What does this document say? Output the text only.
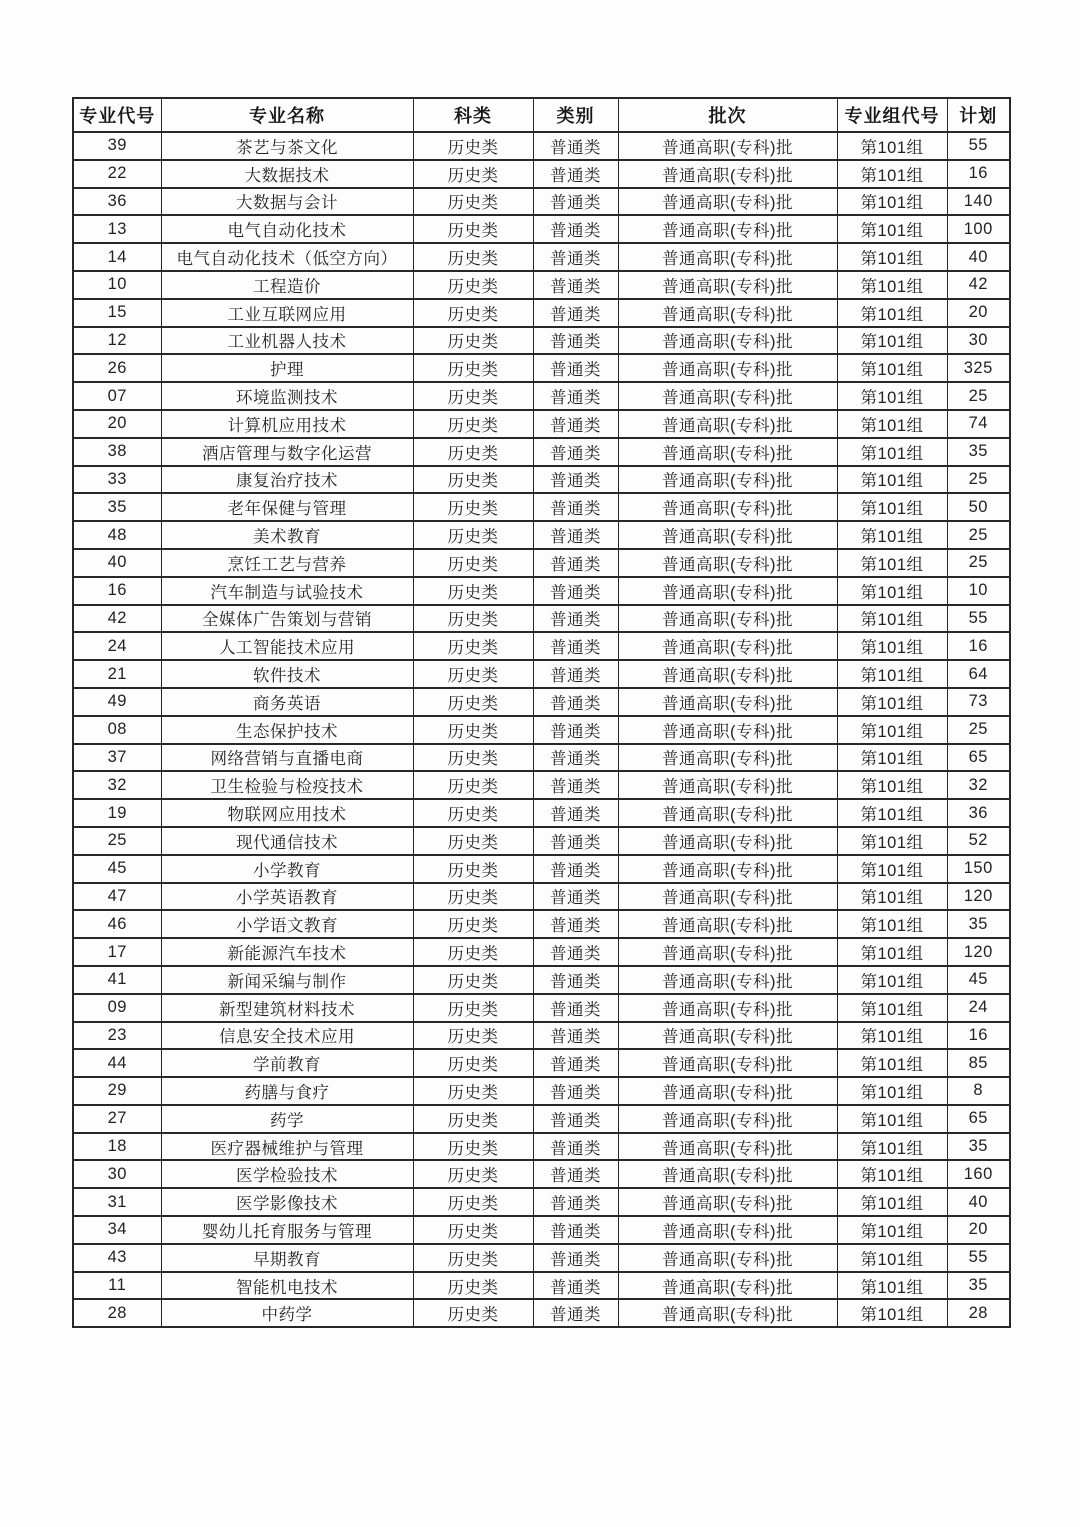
专业代号	专业名称	科类	类别	批次	专业组代号	计划
39	茶艺与茶文化	历史类	普通类	普通高职(专科)批	第101组	55
22	大数据技术	历史类	普通类	普通高职(专科)批	第101组	16
36	大数据与会计	历史类	普通类	普通高职(专科)批	第101组	140
13	电气自动化技术	历史类	普通类	普通高职(专科)批	第101组	100
14	电气自动化技术（低空方向）	历史类	普通类	普通高职(专科)批	第101组	40
10	工程造价	历史类	普通类	普通高职(专科)批	第101组	42
15	工业互联网应用	历史类	普通类	普通高职(专科)批	第101组	20
12	工业机器人技术	历史类	普通类	普通高职(专科)批	第101组	30
26	护理	历史类	普通类	普通高职(专科)批	第101组	325
07	环境监测技术	历史类	普通类	普通高职(专科)批	第101组	25
20	计算机应用技术	历史类	普通类	普通高职(专科)批	第101组	74
38	酒店管理与数字化运营	历史类	普通类	普通高职(专科)批	第101组	35
33	康复治疗技术	历史类	普通类	普通高职(专科)批	第101组	25
35	老年保健与管理	历史类	普通类	普通高职(专科)批	第101组	50
48	美术教育	历史类	普通类	普通高职(专科)批	第101组	25
40	烹饪工艺与营养	历史类	普通类	普通高职(专科)批	第101组	25
16	汽车制造与试验技术	历史类	普通类	普通高职(专科)批	第101组	10
42	全媒体广告策划与营销	历史类	普通类	普通高职(专科)批	第101组	55
24	人工智能技术应用	历史类	普通类	普通高职(专科)批	第101组	16
21	软件技术	历史类	普通类	普通高职(专科)批	第101组	64
49	商务英语	历史类	普通类	普通高职(专科)批	第101组	73
08	生态保护技术	历史类	普通类	普通高职(专科)批	第101组	25
37	网络营销与直播电商	历史类	普通类	普通高职(专科)批	第101组	65
32	卫生检验与检疫技术	历史类	普通类	普通高职(专科)批	第101组	32
19	物联网应用技术	历史类	普通类	普通高职(专科)批	第101组	36
25	现代通信技术	历史类	普通类	普通高职(专科)批	第101组	52
45	小学教育	历史类	普通类	普通高职(专科)批	第101组	150
47	小学英语教育	历史类	普通类	普通高职(专科)批	第101组	120
46	小学语文教育	历史类	普通类	普通高职(专科)批	第101组	35
17	新能源汽车技术	历史类	普通类	普通高职(专科)批	第101组	120
41	新闻采编与制作	历史类	普通类	普通高职(专科)批	第101组	45
09	新型建筑材料技术	历史类	普通类	普通高职(专科)批	第101组	24
23	信息安全技术应用	历史类	普通类	普通高职(专科)批	第101组	16
44	学前教育	历史类	普通类	普通高职(专科)批	第101组	85
29	药膳与食疗	历史类	普通类	普通高职(专科)批	第101组	8
27	药学	历史类	普通类	普通高职(专科)批	第101组	65
18	医疗器械维护与管理	历史类	普通类	普通高职(专科)批	第101组	35
30	医学检验技术	历史类	普通类	普通高职(专科)批	第101组	160
31	医学影像技术	历史类	普通类	普通高职(专科)批	第101组	40
34	婴幼儿托育服务与管理	历史类	普通类	普通高职(专科)批	第101组	20
43	早期教育	历史类	普通类	普通高职(专科)批	第101组	55
11	智能机电技术	历史类	普通类	普通高职(专科)批	第101组	35
28	中药学	历史类	普通类	普通高职(专科)批	第101组	28
